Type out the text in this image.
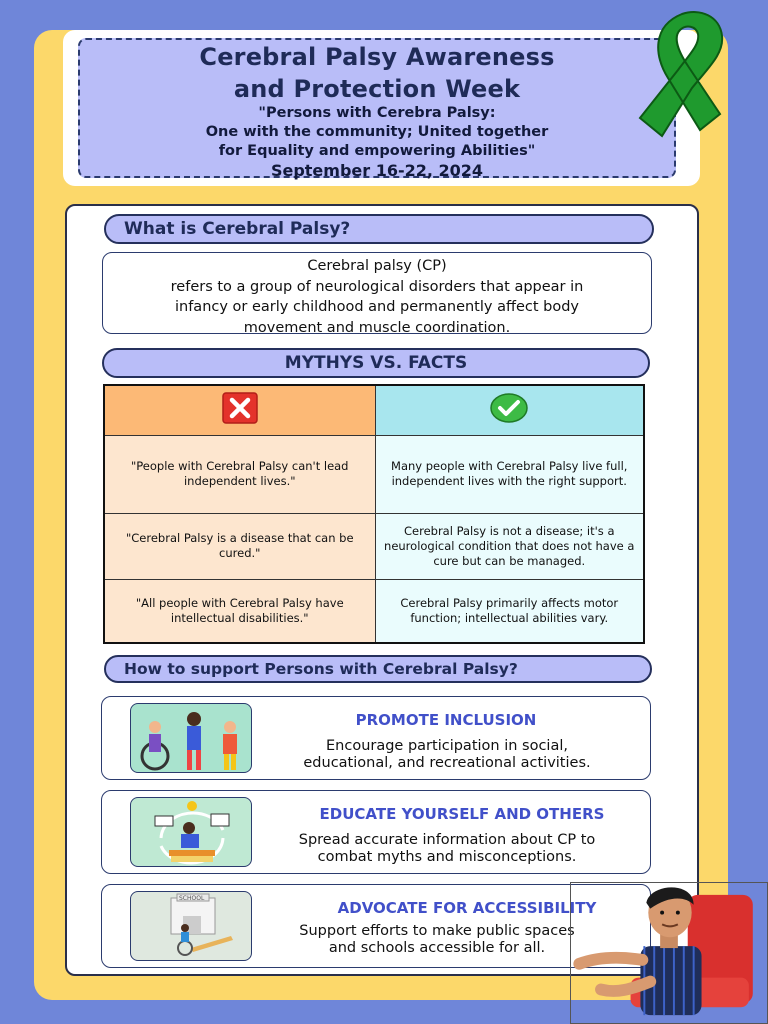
Cerebral Palsy Awareness
and Protection Week
"Persons with Cerebra Palsy:
One with the community; United together
for Equality and empowering Abilities"
September 16-22, 2024
What is Cerebral Palsy?
Cerebral palsy (CP)
refers to a group of neurological disorders that appear in
infancy or early childhood and permanently affect body
movement and muscle coordination.
MYTHYS VS. FACTS

"People with Cerebral Palsy can't lead independent lives."	Many people with Cerebral Palsy live full, independent lives with the right support.
"Cerebral Palsy is a disease that can be cured."	Cerebral Palsy is not a disease; it's a neurological condition that does not have a cure but can be managed.
"All people with Cerebral Palsy have intellectual disabilities."	Cerebral Palsy primarily affects motor function; intellectual abilities vary.
How to support Persons with Cerebral Palsy?
PROMOTE INCLUSION
Encourage participation in social,
educational, and recreational activities.
EDUCATE YOURSELF AND OTHERS
Spread accurate information about CP to
combat myths and misconceptions.
SCHOOL
ADVOCATE FOR ACCESSIBILITY
Support efforts to make public spaces
and schools accessible for all.
